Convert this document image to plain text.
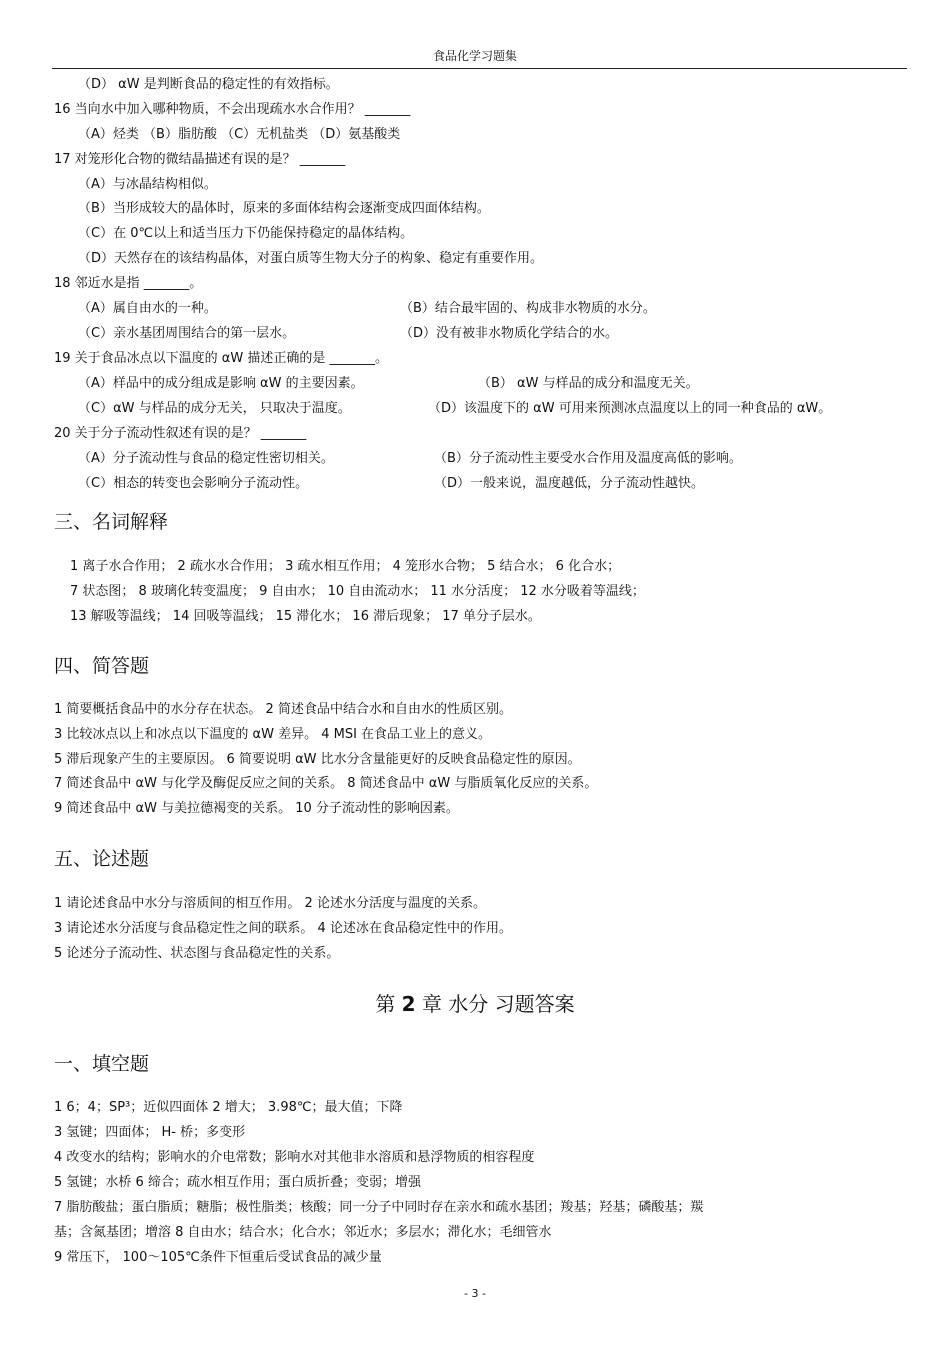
食品化学习题集
（D） αW 是判断食品的稳定性的有效指标。
16 当向水中加入哪种物质，不会出现疏水水合作用？ _______
（A）烃类 （B）脂肪酸 （C）无机盐类 （D）氨基酸类
17 对笼形化合物的微结晶描述有误的是？ _______
（A）与冰晶结构相似。
（B）当形成较大的晶体时，原来的多面体结构会逐渐变成四面体结构。
（C）在 0℃以上和适当压力下仍能保持稳定的晶体结构。
（D）天然存在的该结构晶体，对蛋白质等生物大分子的构象、稳定有重要作用。
18 邻近水是指 _______。
（A）属自由水的一种。	（B）结合最牢固的、构成非水物质的水分。
（C）亲水基团周围结合的第一层水。	（D）没有被非水物质化学结合的水。
19 关于食品冰点以下温度的 αW 描述正确的是 _______。
（A）样品中的成分组成是影响 αW 的主要因素。	（B） αW 与样品的成分和温度无关。
（C）αW 与样品的成分无关， 只取决于温度。	（D）该温度下的 αW 可用来预测冰点温度以上的同一种食品的 αW。
20 关于分子流动性叙述有误的是？ _______
（A）分子流动性与食品的稳定性密切相关。	（B）分子流动性主要受水合作用及温度高低的影响。
（C）相态的转变也会影响分子流动性。	（D）一般来说，温度越低，分子流动性越快。
三、名词解释
1 离子水合作用； 2 疏水水合作用； 3 疏水相互作用； 4 笼形水合物； 5 结合水； 6 化合水；
7 状态图； 8 玻璃化转变温度； 9 自由水； 10 自由流动水； 11 水分活度； 12 水分吸着等温线；
13 解吸等温线； 14 回吸等温线； 15 滞化水； 16 滞后现象； 17 单分子层水。
四、简答题
1 简要概括食品中的水分存在状态。 2 简述食品中结合水和自由水的性质区别。
3 比较冰点以上和冰点以下温度的 αW 差异。 4 MSI 在食品工业上的意义。
5 滞后现象产生的主要原因。 6 简要说明 αW 比水分含量能更好的反映食品稳定性的原因。
7 简述食品中 αW 与化学及酶促反应之间的关系。 8 简述食品中 αW 与脂质氧化反应的关系。
9 简述食品中 αW 与美拉德褐变的关系。 10 分子流动性的影响因素。
五、论述题
1 请论述食品中水分与溶质间的相互作用。 2 论述水分活度与温度的关系。
3 请论述水分活度与食品稳定性之间的联系。 4 论述冰在食品稳定性中的作用。
5 论述分子流动性、状态图与食品稳定性的关系。
第 2 章 水分 习题答案
一、填空题
1 6；4；SP³；近似四面体 2 增大； 3.98℃；最大值；下降
3 氢键；四面体； H- 桥；多变形
4 改变水的结构；影响水的介电常数；影响水对其他非水溶质和悬浮物质的相容程度
5 氢键；水桥 6 缔合；疏水相互作用；蛋白质折叠；变弱；增强
7 脂肪酸盐；蛋白脂质；糖脂；极性脂类；核酸；同一分子中同时存在亲水和疏水基团；羧基；羟基；磷酸基；羰
基；含氮基团；增溶 8 自由水；结合水；化合水；邻近水；多层水；滞化水；毛细管水
9 常压下， 100～105℃条件下恒重后受试食品的减少量
- 3 -
